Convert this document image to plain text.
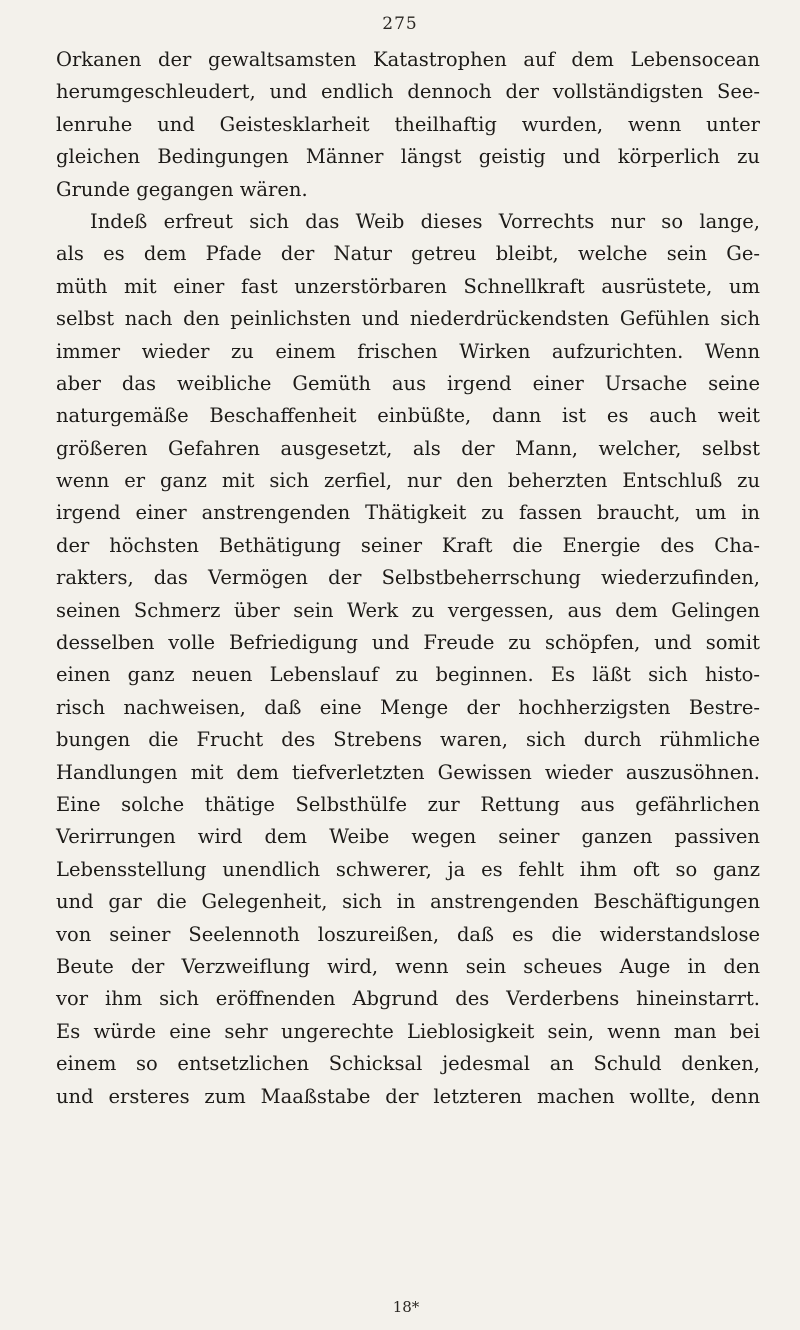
275
Orkanen der gewaltsamsten Katastrophen auf dem Lebensocean
herumgeschleudert, und endlich dennoch der vollständigsten See-
lenruhe und Geistesklarheit theilhaftig wurden, wenn unter
gleichen Bedingungen Männer längst geistig und körperlich zu
Grunde gegangen wären.
Indeß erfreut sich das Weib dieses Vorrechts nur so lange,
als es dem Pfade der Natur getreu bleibt, welche sein Ge-
müth mit einer fast unzerstörbaren Schnellkraft ausrüstete, um
selbst nach den peinlichsten und niederdrückendsten Gefühlen sich
immer wieder zu einem frischen Wirken aufzurichten. Wenn
aber das weibliche Gemüth aus irgend einer Ursache seine
naturgemäße Beschaffenheit einbüßte, dann ist es auch weit
größeren Gefahren ausgesetzt, als der Mann, welcher, selbst
wenn er ganz mit sich zerfiel, nur den beherzten Entschluß zu
irgend einer anstrengenden Thätigkeit zu fassen braucht, um in
der höchsten Bethätigung seiner Kraft die Energie des Cha-
rakters, das Vermögen der Selbstbeherrschung wiederzufinden,
seinen Schmerz über sein Werk zu vergessen, aus dem Gelingen
desselben volle Befriedigung und Freude zu schöpfen, und somit
einen ganz neuen Lebenslauf zu beginnen. Es läßt sich histo-
risch nachweisen, daß eine Menge der hochherzigsten Bestre-
bungen die Frucht des Strebens waren, sich durch rühmliche
Handlungen mit dem tiefverletzten Gewissen wieder auszusöhnen.
Eine solche thätige Selbsthülfe zur Rettung aus gefährlichen
Verirrungen wird dem Weibe wegen seiner ganzen passiven
Lebensstellung unendlich schwerer, ja es fehlt ihm oft so ganz
und gar die Gelegenheit, sich in anstrengenden Beschäftigungen
von seiner Seelennoth loszureißen, daß es die widerstandslose
Beute der Verzweiflung wird, wenn sein scheues Auge in den
vor ihm sich eröffnenden Abgrund des Verderbens hineinstarrt.
Es würde eine sehr ungerechte Lieblosigkeit sein, wenn man bei
einem so entsetzlichen Schicksal jedesmal an Schuld denken,
und ersteres zum Maaßstabe der letzteren machen wollte, denn
18*
